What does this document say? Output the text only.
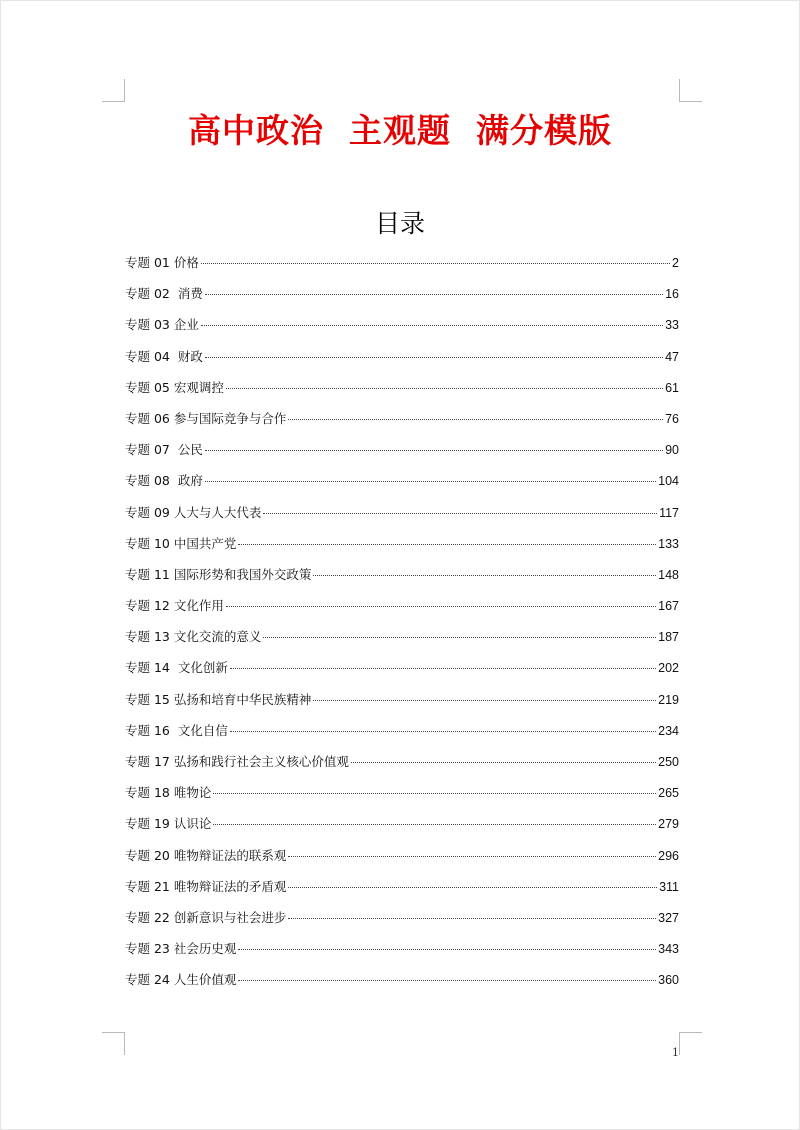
高中政治  主观题  满分模版
目录
专题 01 价格	2
专题 02  消费	16
专题 03 企业	33
专题 04  财政	47
专题 05 宏观调控	61
专题 06 参与国际竞争与合作	76
专题 07  公民	90
专题 08  政府	104
专题 09 人大与人大代表	117
专题 10 中国共产党	133
专题 11 国际形势和我国外交政策	148
专题 12 文化作用	167
专题 13 文化交流的意义	187
专题 14  文化创新	202
专题 15 弘扬和培育中华民族精神	219
专题 16  文化自信	234
专题 17 弘扬和践行社会主义核心价值观	250
专题 18 唯物论	265
专题 19 认识论	279
专题 20 唯物辩证法的联系观	296
专题 21 唯物辩证法的矛盾观	311
专题 22 创新意识与社会进步	327
专题 23 社会历史观	343
专题 24 人生价值观	360
1
